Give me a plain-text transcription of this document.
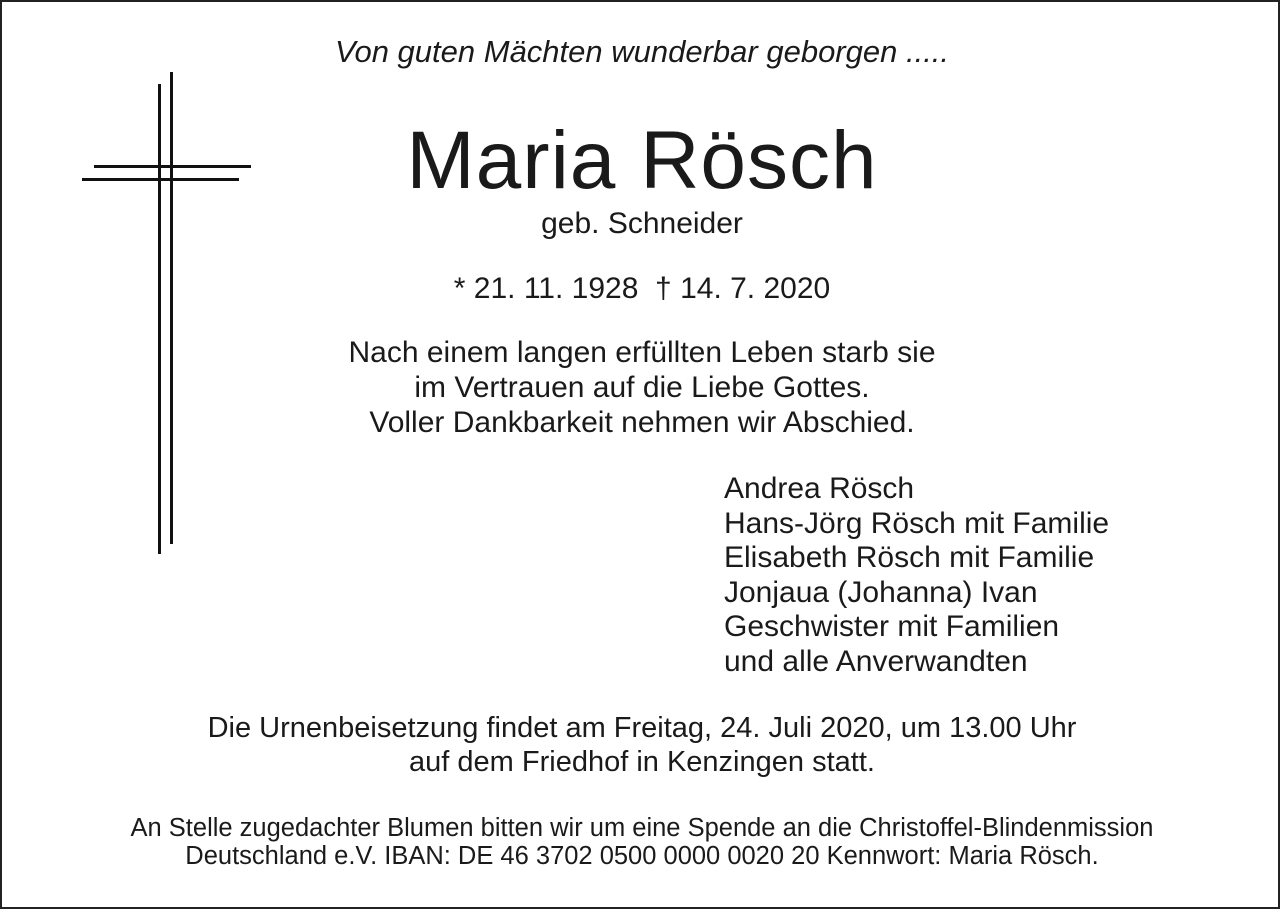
Von guten Mächten wunderbar geborgen .....
Maria Rösch
geb. Schneider
* 21. 11. 1928  † 14. 7. 2020
Nach einem langen erfüllten Leben starb sie
im Vertrauen auf die Liebe Gottes.
Voller Dankbarkeit nehmen wir Abschied.
Andrea Rösch
Hans-Jörg Rösch mit Familie
Elisabeth Rösch mit Familie
Jonjaua (Johanna) Ivan
Geschwister mit Familien
und alle Anverwandten
Die Urnenbeisetzung findet am Freitag, 24. Juli 2020, um 13.00 Uhr
auf dem Friedhof in Kenzingen statt.
An Stelle zugedachter Blumen bitten wir um eine Spende an die Christoffel-Blindenmission
Deutschland e.V. IBAN: DE 46 3702 0500 0000 0020 20 Kennwort: Maria Rösch.
